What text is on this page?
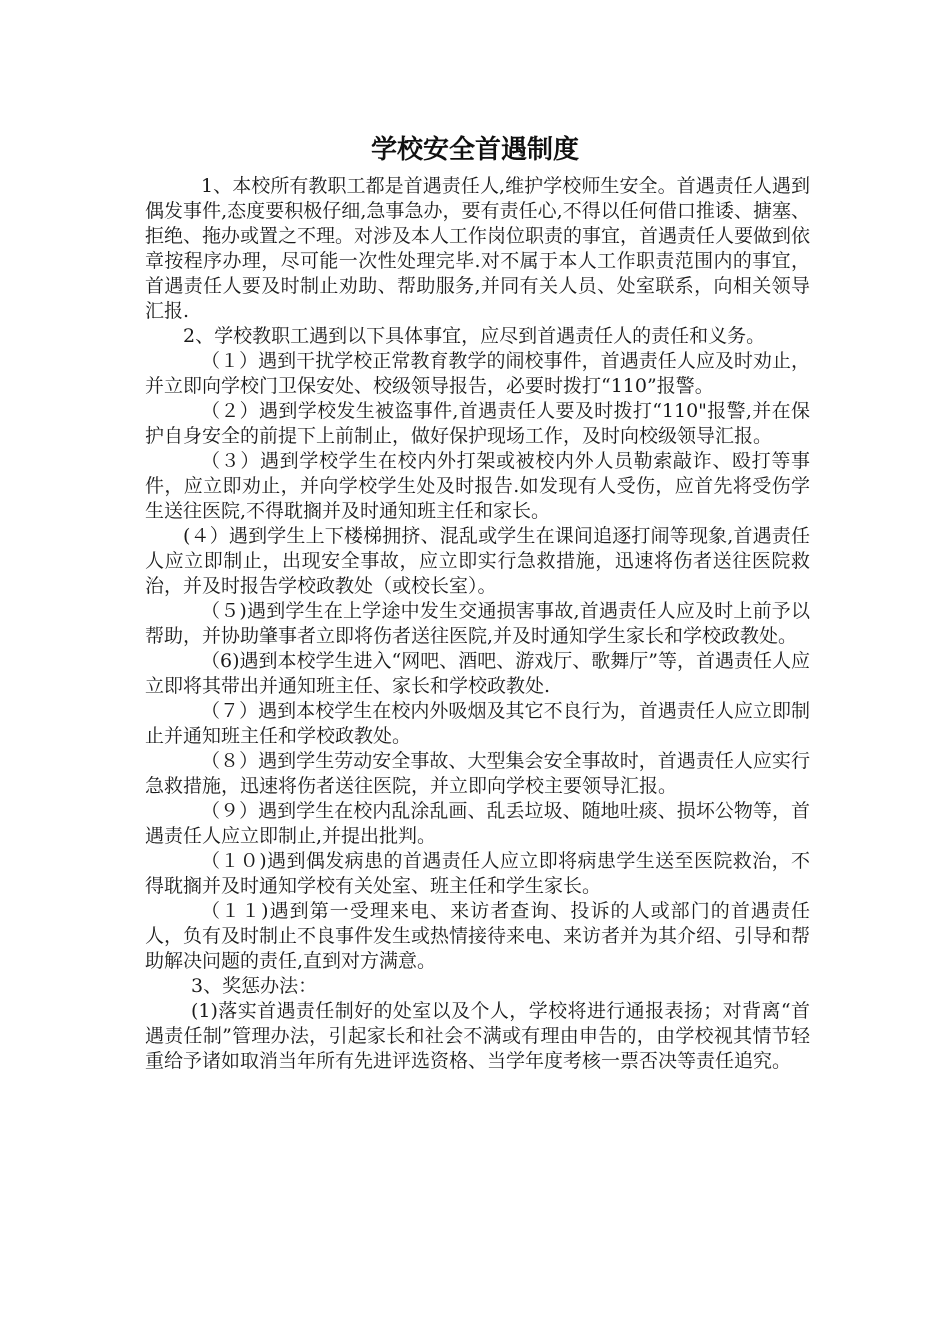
学校安全首遇制度

1、本校所有教职工都是首遇责任人,维护学校师生安全。首遇责任人遇到偶发事件,态度要积极仔细,急事急办，要有责任心,不得以任何借口推诿、搪塞、拒绝、拖办或置之不理。对涉及本人工作岗位职责的事宜，首遇责任人要做到依章按程序办理，尽可能一次性处理完毕.对不属于本人工作职责范围内的事宜，首遇责任人要及时制止劝助、帮助服务,并同有关人员、处室联系，向相关领导汇报.

2、学校教职工遇到以下具体事宜，应尽到首遇责任人的责任和义务。

（１）遇到干扰学校正常教育教学的闹校事件，首遇责任人应及时劝止，并立即向学校门卫保安处、校级领导报告，必要时拨打“110”报警。

（２）遇到学校发生被盗事件,首遇责任人要及时拨打“110"报警,并在保护自身安全的前提下上前制止，做好保护现场工作，及时向校级领导汇报。

（３）遇到学校学生在校内外打架或被校内外人员勒索敲诈、殴打等事件，应立即劝止，并向学校学生处及时报告.如发现有人受伤，应首先将受伤学生送往医院,不得耽搁并及时通知班主任和家长。

(４）遇到学生上下楼梯拥挤、混乱或学生在课间追逐打闹等现象,首遇责任人应立即制止，出现安全事故，应立即实行急救措施，迅速将伤者送往医院救治，并及时报告学校政教处（或校长室）。

（５)遇到学生在上学途中发生交通损害事故,首遇责任人应及时上前予以帮助，并协助肇事者立即将伤者送往医院,并及时通知学生家长和学校政教处。

（6)遇到本校学生进入“网吧、酒吧、游戏厅、歌舞厅”等，首遇责任人应立即将其带出并通知班主任、家长和学校政教处.

（７）遇到本校学生在校内外吸烟及其它不良行为，首遇责任人应立即制止并通知班主任和学校政教处。

（８）遇到学生劳动安全事故、大型集会安全事故时，首遇责任人应实行急救措施，迅速将伤者送往医院，并立即向学校主要领导汇报。

（９）遇到学生在校内乱涂乱画、乱丢垃圾、随地吐痰、损坏公物等，首遇责任人应立即制止,并提出批判。

（１０)遇到偶发病患的首遇责任人应立即将病患学生送至医院救治，不得耽搁并及时通知学校有关处室、班主任和学生家长。

（１１)遇到第一受理来电、来访者查询、投诉的人或部门的首遇责任人，负有及时制止不良事件发生或热情接待来电、来访者并为其介绍、引导和帮助解决问题的责任,直到对方满意。

3、奖惩办法：

(1)落实首遇责任制好的处室以及个人，学校将进行通报表扬；对背离“首遇责任制”管理办法，引起家长和社会不满或有理由申告的，由学校视其情节轻重给予诸如取消当年所有先进评选资格、当学年度考核一票否决等责任追究。
